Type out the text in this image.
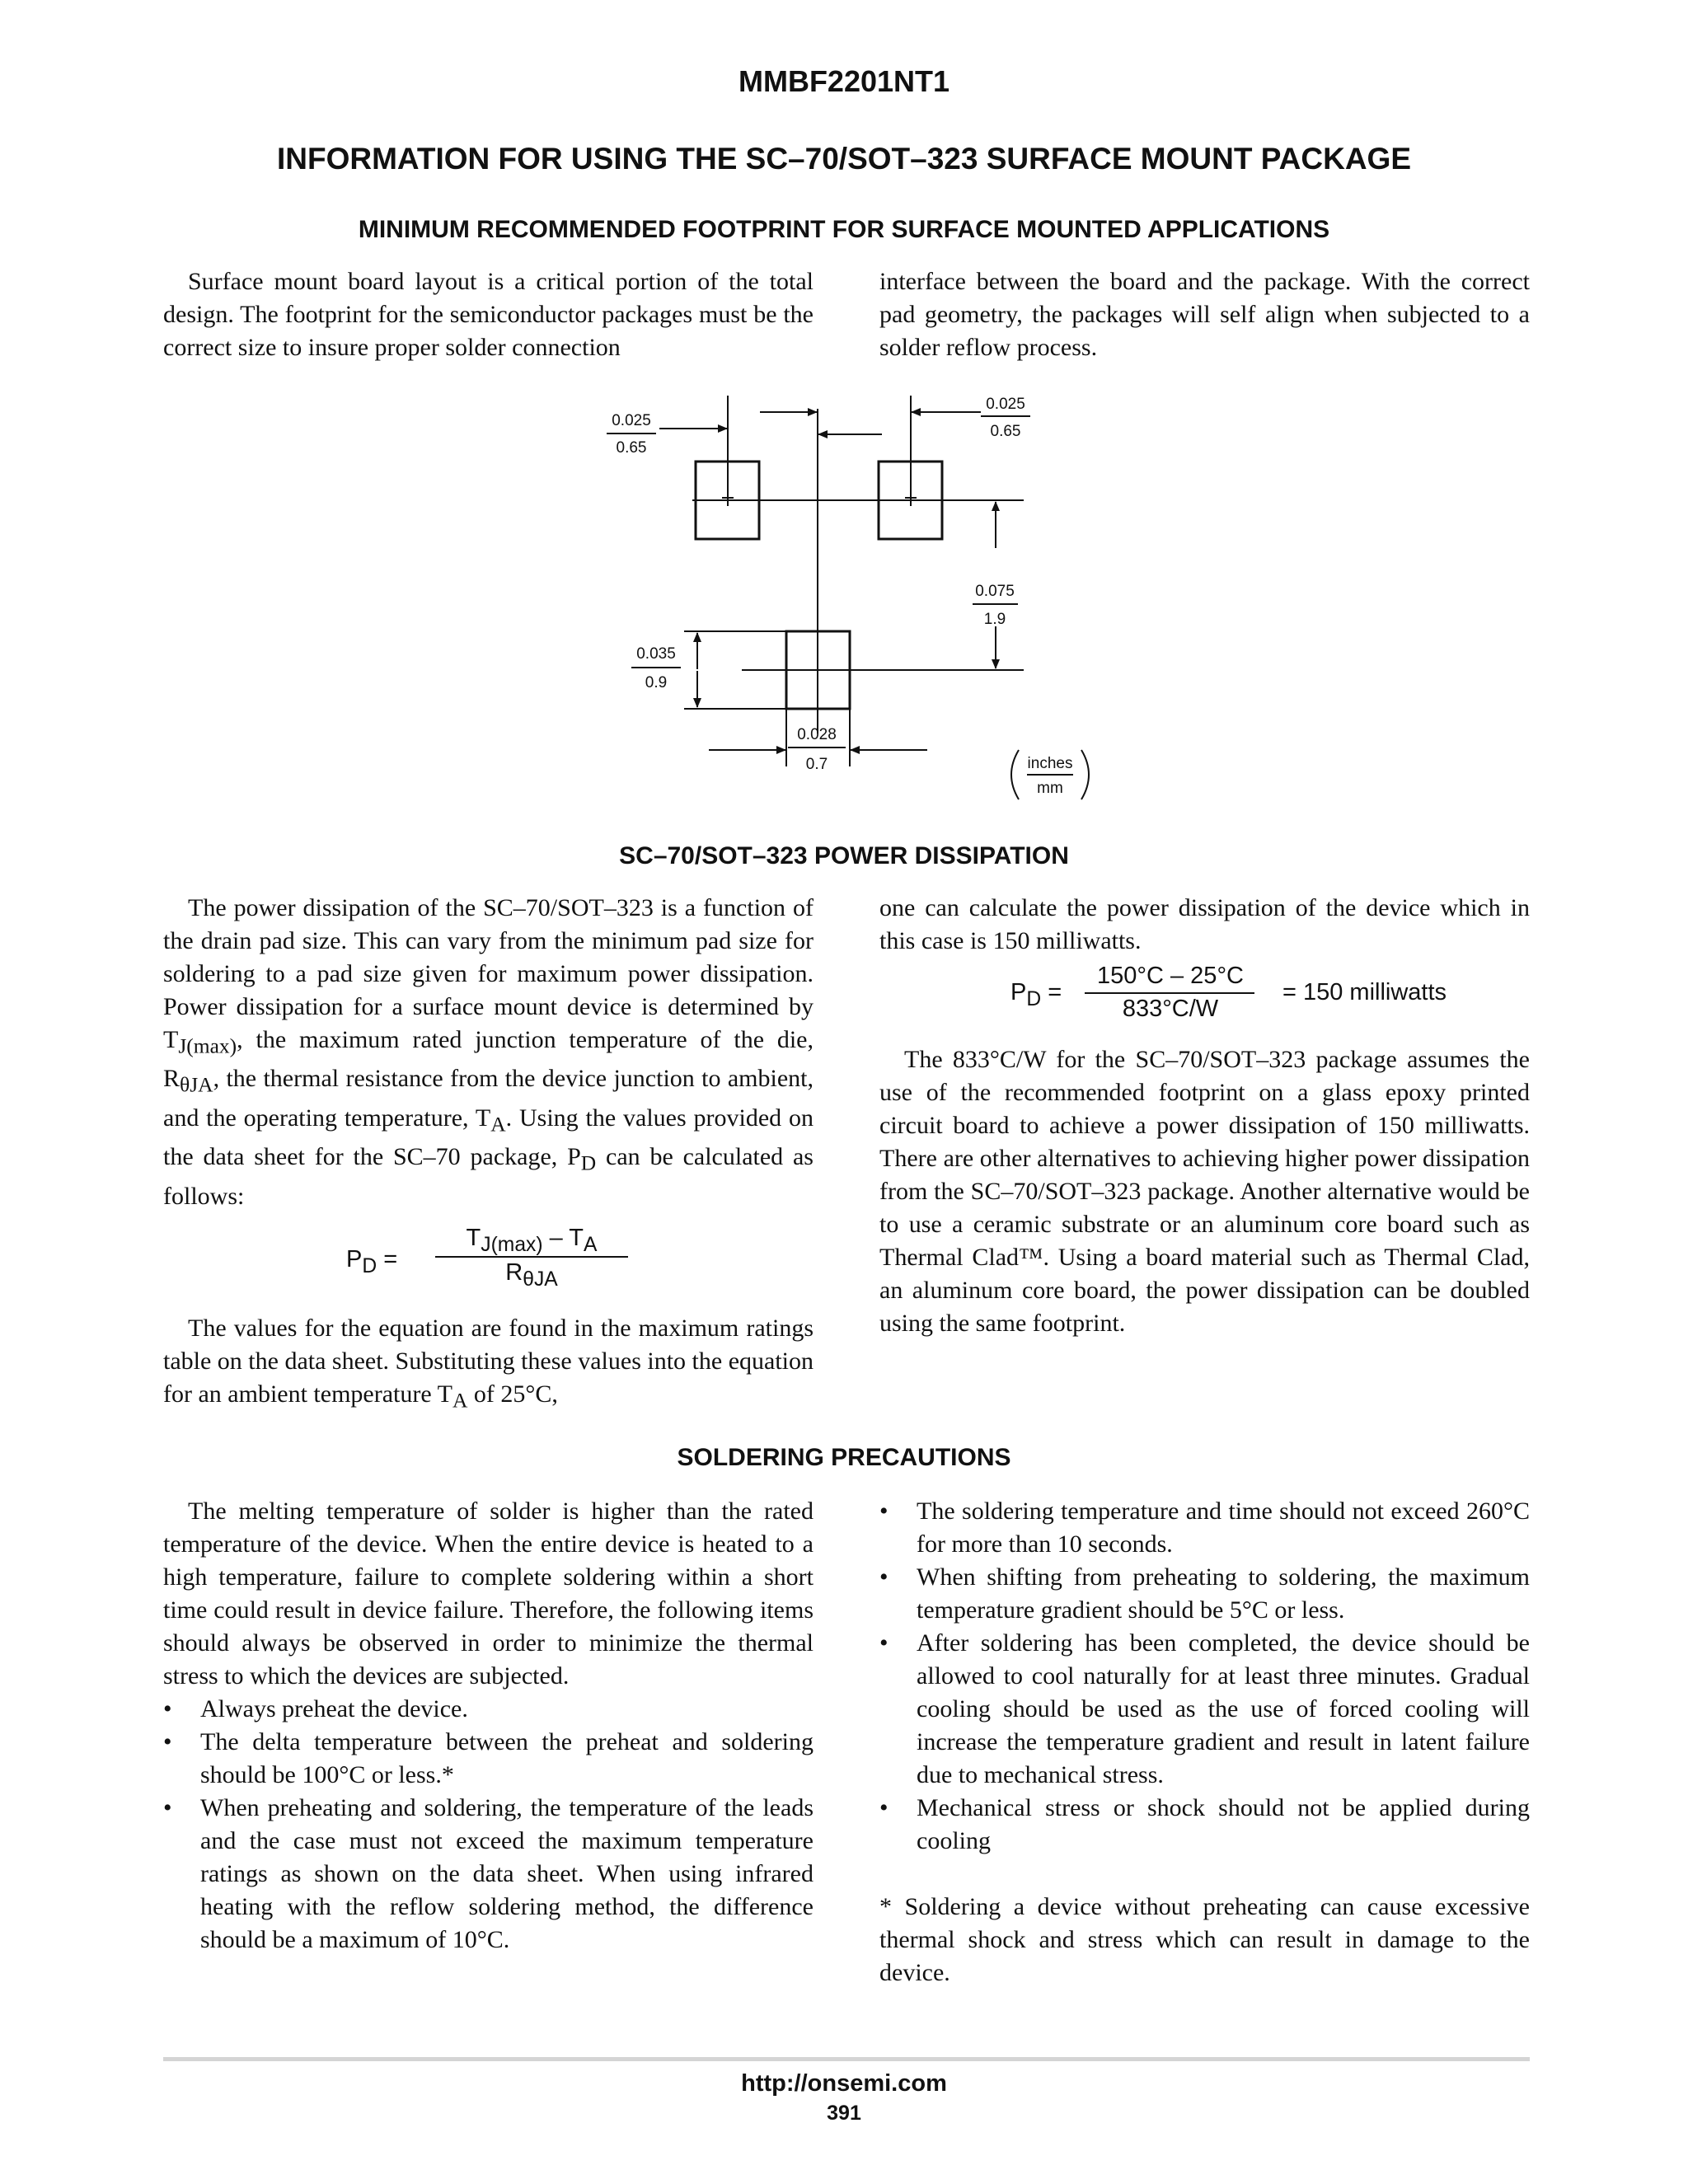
MMBF2201NT1
INFORMATION FOR USING THE SC–70/SOT–323 SURFACE MOUNT PACKAGE
MINIMUM RECOMMENDED FOOTPRINT FOR SURFACE MOUNTED APPLICATIONS

Surface mount board layout is a critical portion of the total design. The footprint for the semiconductor packages must be the correct size to insure proper solder connection

interface between the board and the package. With the correct pad geometry, the packages will self align when subjected to a solder reflow process.

0.025
0.65
0.025
0.65
0.075
1.9
0.035
0.9
0.028
0.7	inches
mm
SC–70/SOT–323 POWER DISSIPATION

The power dissipation of the SC–70/SOT–323 is a function of the drain pad size. This can vary from the minimum pad size for soldering to a pad size given for maximum power dissipation. Power dissipation for a surface mount device is determined by $T_{J(max)}$, the maximum rated junction temperature of the die, $R_{\theta JA}$, the thermal resistance from the device junction to ambient, and the operating temperature, $T_A$. Using the values provided on the data sheet for the SC–70 package, $P_D$ can be calculated as follows:

$P_D$ =
$T_{J(max)} - T_A$
$R_{\theta JA}$

The values for the equation are found in the maximum ratings table on the data sheet. Substituting these values into the equation for an ambient temperature $T_A$ of 25°C,

one can calculate the power dissipation of the device which in this case is 150 milliwatts.

$P_D$ =
150°C – 25°C
833°C/W
= 150 milliwatts

The 833°C/W for the SC–70/SOT–323 package assumes the use of the recommended footprint on a glass epoxy printed circuit board to achieve a power dissipation of 150 milliwatts. There are other alternatives to achieving higher power dissipation from the SC–70/SOT–323 package. Another alternative would be to use a ceramic substrate or an aluminum core board such as Thermal Clad™. Using a board material such as Thermal Clad, an aluminum core board, the power dissipation can be doubled using the same footprint.

SOLDERING PRECAUTIONS

The melting temperature of solder is higher than the rated temperature of the device. When the entire device is heated to a high temperature, failure to complete soldering within a short time could result in device failure. Therefore, the following items should always be observed in order to minimize the thermal stress to which the devices are subjected.

• Always preheat the device.
• The delta temperature between the preheat and soldering should be 100°C or less.*
• When preheating and soldering, the temperature of the leads and the case must not exceed the maximum temperature ratings as shown on the data sheet. When using infrared heating with the reflow soldering method, the difference should be a maximum of 10°C.
• The soldering temperature and time should not exceed 260°C for more than 10 seconds.
• When shifting from preheating to soldering, the maximum temperature gradient should be 5°C or less.
• After soldering has been completed, the device should be allowed to cool naturally for at least three minutes. Gradual cooling should be used as the use of forced cooling will increase the temperature gradient and result in latent failure due to mechanical stress.
• Mechanical stress or shock should not be applied during cooling

* Soldering a device without preheating can cause excessive thermal shock and stress which can result in damage to the device.

http://onsemi.com
391
